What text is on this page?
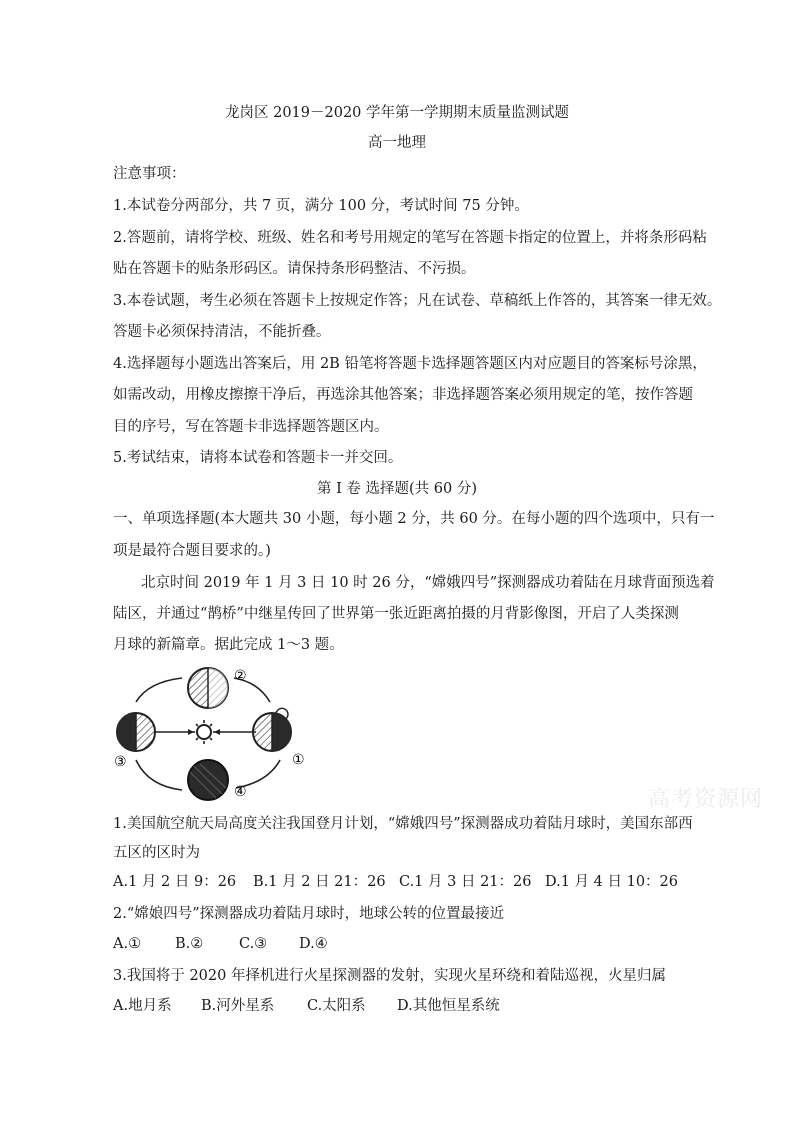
龙岗区 2019－2020 学年第一学期期末质量监测试题
高一地理
注意事项：
1.本试卷分两部分，共 7 页，满分 100 分，考试时间 75 分钟。
2.答题前，请将学校、班级、姓名和考号用规定的笔写在答题卡指定的位置上，并将条形码粘
贴在答题卡的贴条形码区。请保持条形码整洁、不污损。
3.本卷试题，考生必须在答题卡上按规定作答；凡在试卷、草稿纸上作答的，其答案一律无效。
答题卡必须保持清洁，不能折叠。
4.选择题每小题选出答案后，用 2B 铅笔将答题卡选择题答题区内对应题目的答案标号涂黑，
如需改动，用橡皮擦擦干净后，再选涂其他答案；非选择题答案必须用规定的笔，按作答题
目的序号，写在答题卡非选择题答题区内。
5.考试结束，请将本试卷和答题卡一并交回。
第 I 卷 选择题(共 60 分)
一、单项选择题(本大题共 30 小题，每小题 2 分，共 60 分。在每小题的四个选项中，只有一
项是最符合题目要求的。)
北京时间 2019 年 1 月 3 日 10 时 26 分，“嫦娥四号”探测器成功着陆在月球背面预选着
陆区，并通过“鹊桥”中继星传回了世界第一张近距离拍摄的月背影像图，开启了人类探测
月球的新篇章。据此完成 1～3 题。
②
①
④
③
高考资源网
1.美国航空航天局高度关注我国登月计划，“嫦娥四号”探测器成功着陆月球时，美国东部西
五区的区时为
A.1 月 2 日 9：26 B.1 月 2 日 21：26 C.1 月 3 日 21：26 D.1 月 4 日 10：26
2.“嫦娘四号”探测器成功着陆月球时，地球公转的位置最接近
A.① B.② C.③ D.④
3.我国将于 2020 年择机进行火星探测器的发射，实现火星环绕和着陆巡视，火星归属
A.地月系 B.河外星系 C.太阳系 D.其他恒星系统
